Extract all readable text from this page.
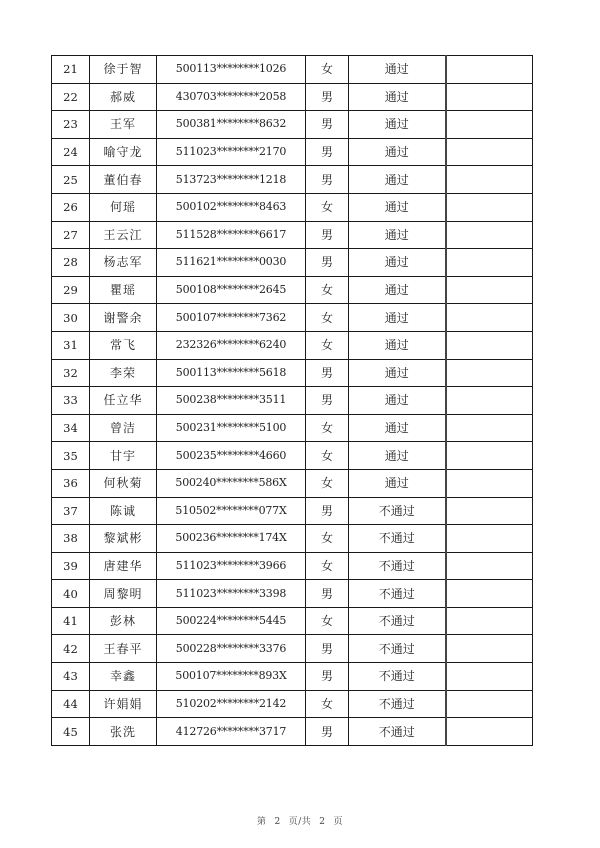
21	徐于智	500113********1026	女	通过	
22	郝威	430703********2058	男	通过	
23	王军	500381********8632	男	通过	
24	喻守龙	511023********2170	男	通过	
25	董伯春	513723********1218	男	通过	
26	何瑶	500102********8463	女	通过	
27	王云江	511528********6617	男	通过	
28	杨志军	511621********0030	男	通过	
29	瞿瑶	500108********2645	女	通过	
30	谢警余	500107********7362	女	通过	
31	常飞	232326********6240	女	通过	
32	李荣	500113********5618	男	通过	
33	任立华	500238********3511	男	通过	
34	曾洁	500231********5100	女	通过	
35	甘宇	500235********4660	女	通过	
36	何秋菊	500240********586X	女	通过	
37	陈诚	510502********077X	男	不通过	
38	黎斌彬	500236********174X	女	不通过	
39	唐建华	511023********3966	女	不通过	
40	周黎明	511023********3398	男	不通过	
41	彭林	500224********5445	女	不通过	
42	王春平	500228********3376	男	不通过	
43	幸鑫	500107********893X	男	不通过	
44	许娟娟	510202********2142	女	不通过	
45	张洗	412726********3717	男	不通过	
第 2 页/共 2 页
